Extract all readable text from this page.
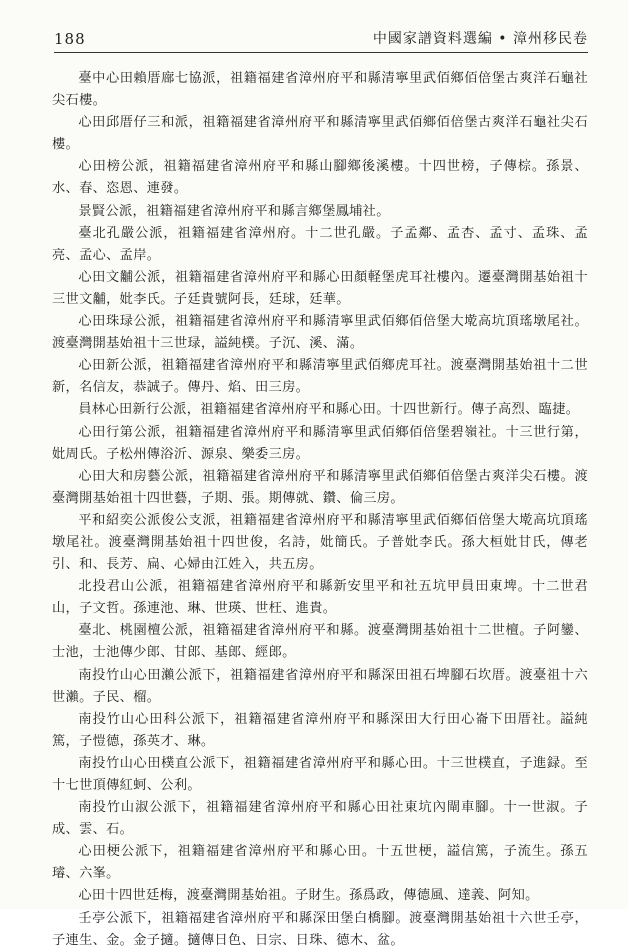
188	中國家譜資料選編 • 漳州移民卷

臺中心田賴厝廍七協派，祖籍福建省漳州府平和縣清寧里武佰鄉佰倍堡古爽洋石龜社尖石樓。

心田邱厝仔三和派，祖籍福建省漳州府平和縣清寧里武佰鄉佰倍堡古爽洋石龜社尖石樓。

心田榜公派，祖籍福建省漳州府平和縣山腳鄉後溪樓。十四世榜，子傳棕。孫景、水、春、恣恩、連發。

景賢公派，祖籍福建省漳州府平和縣言鄉堡鳳埔社。

臺北孔嚴公派，祖籍福建省漳州府。十二世孔嚴。子孟鄰、孟杏、孟寸、孟珠、孟亮、孟心、孟岸。

心田文黼公派，祖籍福建省漳州府平和縣心田顏軽堡虎耳社樓內。遷臺灣開基始祖十三世文黼，妣李氏。子廷貴號阿長，廷球，廷華。

心田珠琭公派，祖籍福建省漳州府平和縣清寧里武佰鄉佰倍堡大墘高坑頂瑤墩尾社。渡臺灣開基始祖十三世琭，謚純樸。子沉、溪、滿。

心田新公派，祖籍福建省漳州府平和縣清寧里武佰鄉虎耳社。渡臺灣開基始祖十二世新，名信友，恭誠子。傳丹、焰、田三房。

員林心田新行公派，祖籍福建省漳州府平和縣心田。十四世新行。傳子高烈、臨捷。

心田行第公派，祖籍福建省漳州府平和縣清寧里武佰鄉佰倍堡碧嶺社。十三世行第，妣周氏。子松州傳浴沂、源泉、樂委三房。

心田大和房藝公派，祖籍福建省漳州府平和縣清寧里武佰鄉佰倍堡古爽洋尖石樓。渡臺灣開基始祖十四世藝，子期、張。期傳就、鑽、倫三房。

平和紹奕公派俊公支派，祖籍福建省漳州府平和縣清寧里武佰鄉佰倍堡大墘高坑頂瑤墩尾社。渡臺灣開基始祖十四世俊，名詩，妣簡氏。子普妣李氏。孫大桓妣甘氏，傳老引、和、長芳、扁、心婦由江姓入，共五房。

北投君山公派，祖籍福建省漳州府平和縣新安里平和社五坑甲員田東埤。十二世君山，子文哲。孫連池、琳、世瑛、世枉、進貴。

臺北、桃園檀公派，祖籍福建省漳州府平和縣。渡臺灣開基始祖十二世檀。子阿鑾、士池，士池傳少郎、甘郎、基郎、經郎。

南投竹山心田瀨公派下，祖籍福建省漳州府平和縣深田祖石埤腳石坎厝。渡臺祖十六世瀨。子民、榴。

南投竹山心田科公派下，祖籍福建省漳州府平和縣深田大行田心崙下田厝社。謚純篤，子愷德，孫英才、琳。

南投竹山心田樸直公派下，祖籍福建省漳州府平和縣心田。十三世樸直，子進録。至十七世頂傳紅蚵、公利。

南投竹山淑公派下，祖籍福建省漳州府平和縣心田社東坑內閘車腳。十一世淑。子成、雲、石。

心田梗公派下，祖籍福建省漳州府平和縣心田。十五世梗，謚信篤，子流生。孫五璿、六峯。

心田十四世廷梅，渡臺灣開基始祖。子財生。孫爲政，傳德風、達義、阿知。

壬亭公派下，祖籍福建省漳州府平和縣深田堡白橋腳。渡臺灣開基始祖十六世壬亭，子連生、金。金子擿。擿傳日色、日宗、日珠、德木、盆。
